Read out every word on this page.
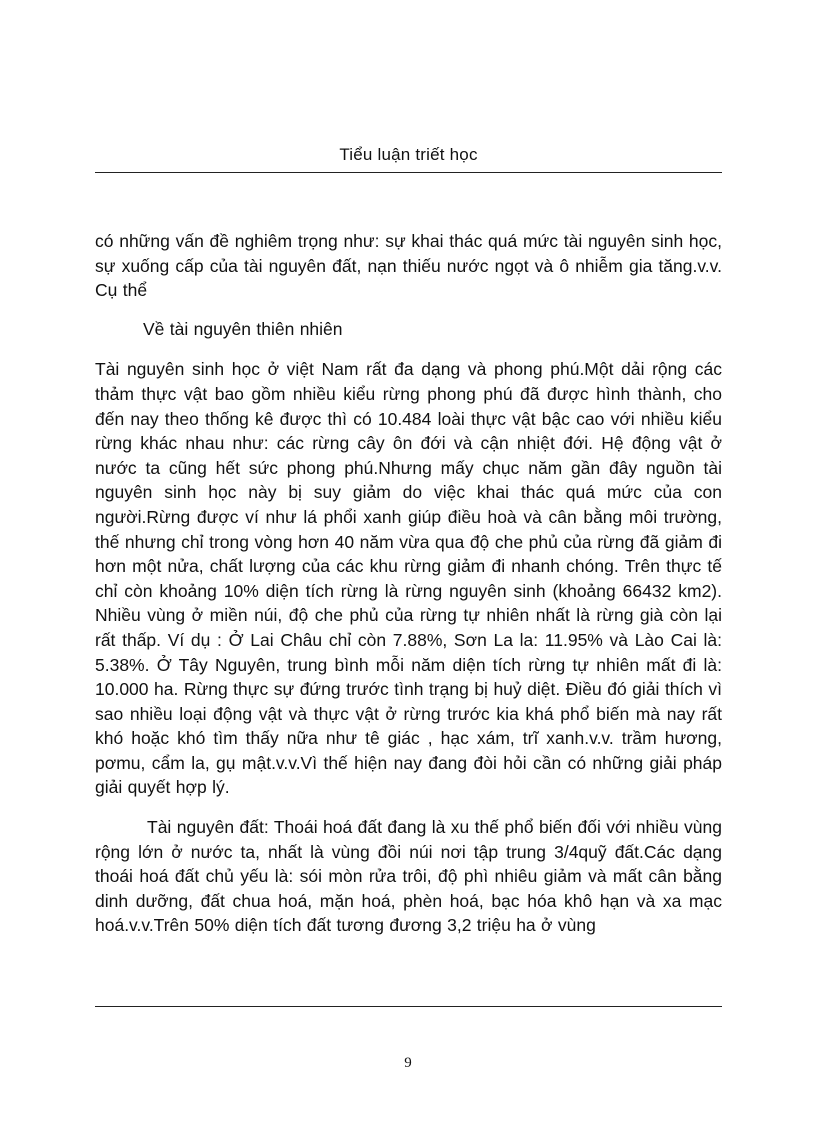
Tiểu luận triết học

có những vấn đề nghiêm trọng như: sự khai thác quá mức tài nguyên sinh học, sự xuống cấp của tài nguyên đất, nạn thiếu nước ngọt và ô nhiễm gia tăng.v.v. Cụ thể

Về tài nguyên thiên nhiên

Tài nguyên sinh học ở việt Nam rất đa dạng và phong phú.Một dải rộng các thảm thực vật bao gồm nhiều kiểu rừng phong phú đã được hình thành, cho đến nay theo thống kê được thì có 10.484 loài thực vật bậc cao với nhiều kiểu rừng khác nhau như: các rừng cây ôn đới và cận nhiệt đới. Hệ động vật ở nước ta cũng hết sức phong phú.Nhưng mấy chục năm gần đây nguồn tài nguyên sinh học này bị suy giảm do việc khai thác quá mức của con người.Rừng được ví như lá phổi xanh giúp điều hoà và cân bằng môi trường, thế nhưng chỉ trong vòng hơn 40 năm vừa qua độ che phủ của rừng đã giảm đi hơn một nửa, chất lượng của các khu rừng giảm đi nhanh chóng. Trên thực tế chỉ còn khoảng 10% diện tích rừng là rừng nguyên sinh (khoảng 66432 km2). Nhiều vùng ở miền núi, độ che phủ của rừng tự nhiên nhất là rừng già còn lại rất thấp. Ví dụ : Ở Lai Châu chỉ còn 7.88%, Sơn La la: 11.95% và Lào Cai là: 5.38%. Ở Tây Nguyên, trung bình mỗi năm diện tích rừng tự nhiên mất đi là: 10.000 ha. Rừng thực sự đứng trước tình trạng bị huỷ diệt. Điều đó giải thích vì sao nhiều loại động vật và thực vật ở rừng trước kia khá phổ biến mà nay rất khó hoặc khó tìm thấy nữa như tê giác , hạc xám, trĩ xanh.v.v. trầm hương, pơmu, cẩm la, gụ mật.v.v.Vì thế hiện nay đang đòi hỏi cần có những giải pháp giải quyết hợp lý.

Tài nguyên đất: Thoái hoá đất đang là xu thế phổ biến đối với nhiều vùng rộng lớn ở nước ta, nhất là vùng đồi núi nơi tập trung 3/4quỹ đất.Các dạng thoái hoá đất chủ yếu là: sói mòn rửa trôi, độ phì nhiêu giảm và mất cân bằng dinh dưỡng, đất chua hoá, mặn hoá, phèn hoá, bạc hóa khô hạn và xa mạc hoá.v.v.Trên 50% diện tích đất tương đương 3,2 triệu ha ở vùng

9
